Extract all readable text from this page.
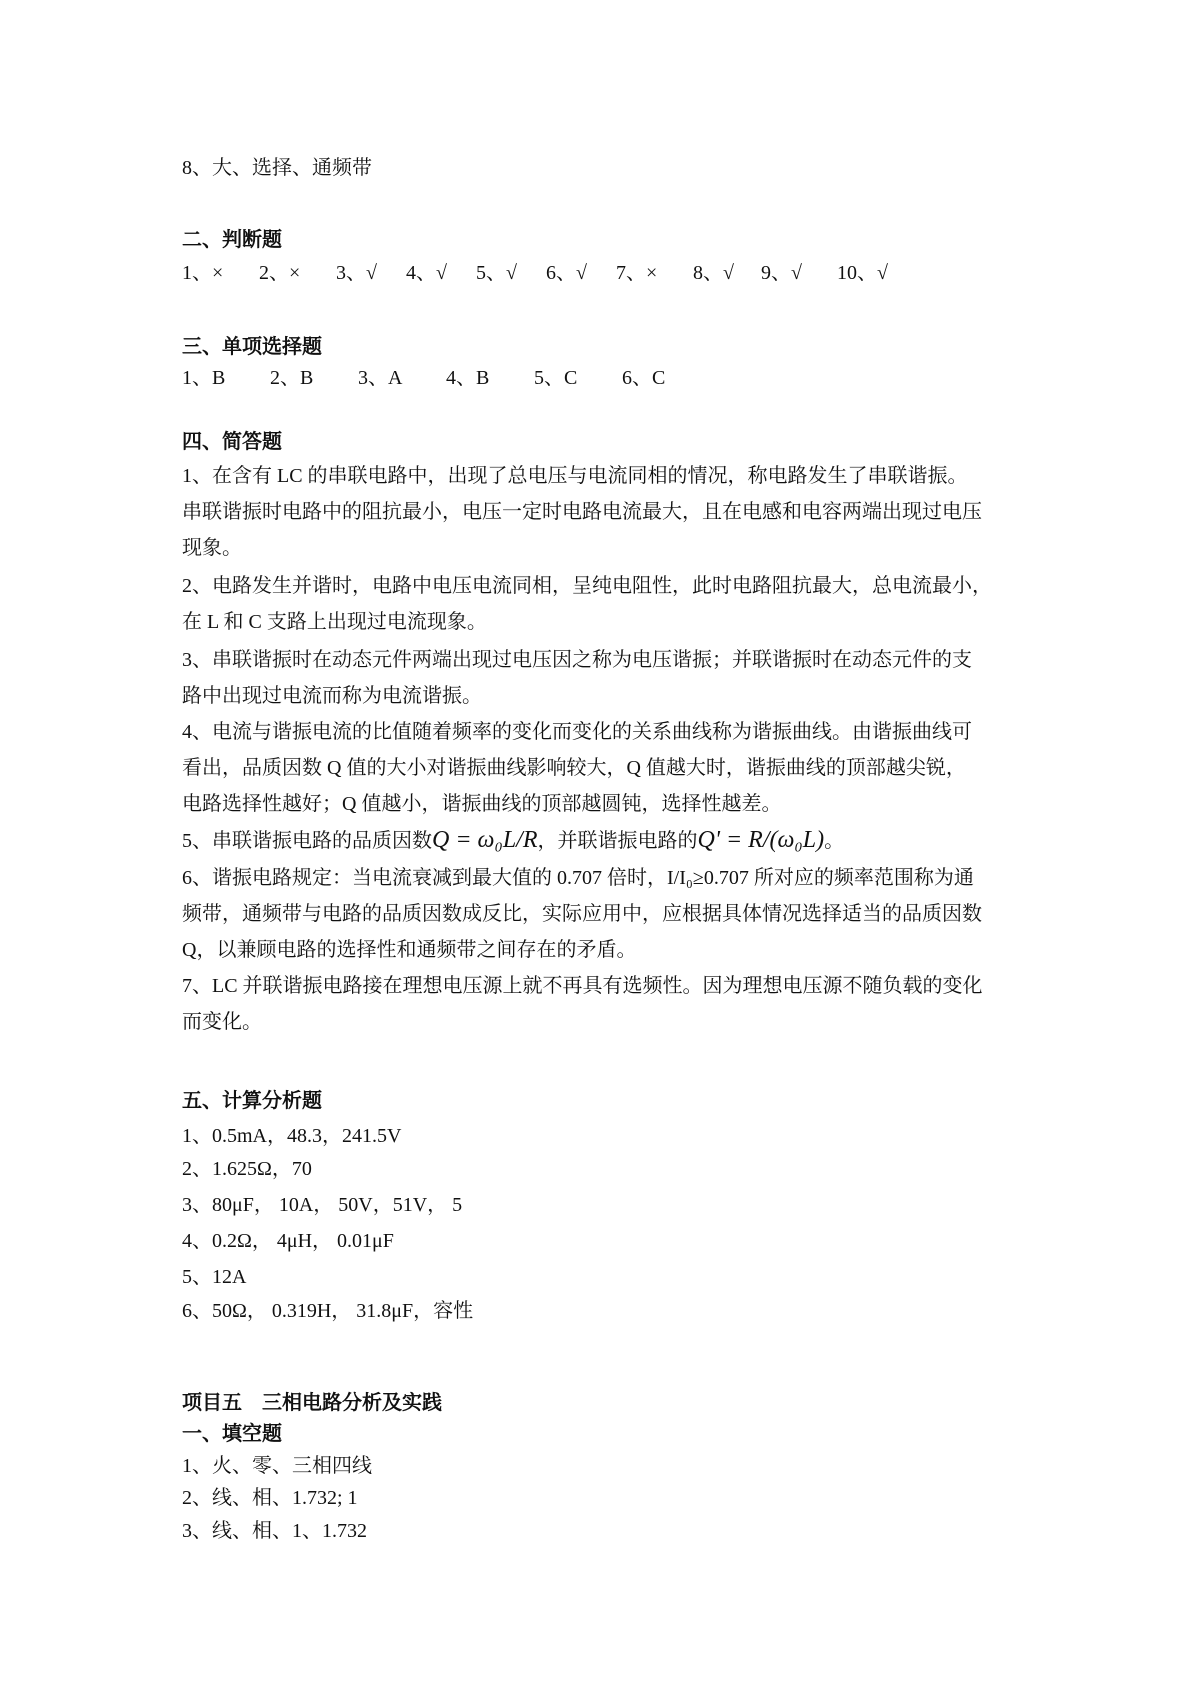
8、大、选择、通频带
二、判断题
1、× 2、× 3、√ 4、√ 5、√ 6、√ 7、× 8、√ 9、√ 10、√
三、单项选择题
1、B 2、B 3、A 4、B 5、C 6、C
四、简答题
1、在含有 LC 的串联电路中，出现了总电压与电流同相的情况，称电路发生了串联谐振。
串联谐振时电路中的阻抗最小，电压一定时电路电流最大，且在电感和电容两端出现过电压
现象。
2、电路发生并谐时，电路中电压电流同相，呈纯电阻性，此时电路阻抗最大，总电流最小，
在 L 和 C 支路上出现过电流现象。
3、串联谐振时在动态元件两端出现过电压因之称为电压谐振；并联谐振时在动态元件的支
路中出现过电流而称为电流谐振。
4、电流与谐振电流的比值随着频率的变化而变化的关系曲线称为谐振曲线。由谐振曲线可
看出，品质因数 Q 值的大小对谐振曲线影响较大，Q 值越大时，谐振曲线的顶部越尖锐，
电路选择性越好；Q 值越小，谐振曲线的顶部越圆钝，选择性越差。
5、串联谐振电路的品质因数Q = ω₀L/R，并联谐振电路的Q' = R/(ω₀L)。
6、谐振电路规定：当电流衰减到最大值的 0.707 倍时，I/I₀≥0.707 所对应的频率范围称为通
频带，通频带与电路的品质因数成反比，实际应用中，应根据具体情况选择适当的品质因数
Q，以兼顾电路的选择性和通频带之间存在的矛盾。
7、LC 并联谐振电路接在理想电压源上就不再具有选频性。因为理想电压源不随负载的变化
而变化。
五、计算分析题
1、0.5mA，48.3，241.5V
2、1.625Ω，70
3、80μF， 10A， 50V，51V， 5
4、0.2Ω， 4μH， 0.01μF
5、12A
6、50Ω， 0.319H， 31.8μF，容性
项目五　三相电路分析及实践
一、填空题
1、火、零、三相四线
2、线、相、1.732; 1
3、线、相、1、1.732
